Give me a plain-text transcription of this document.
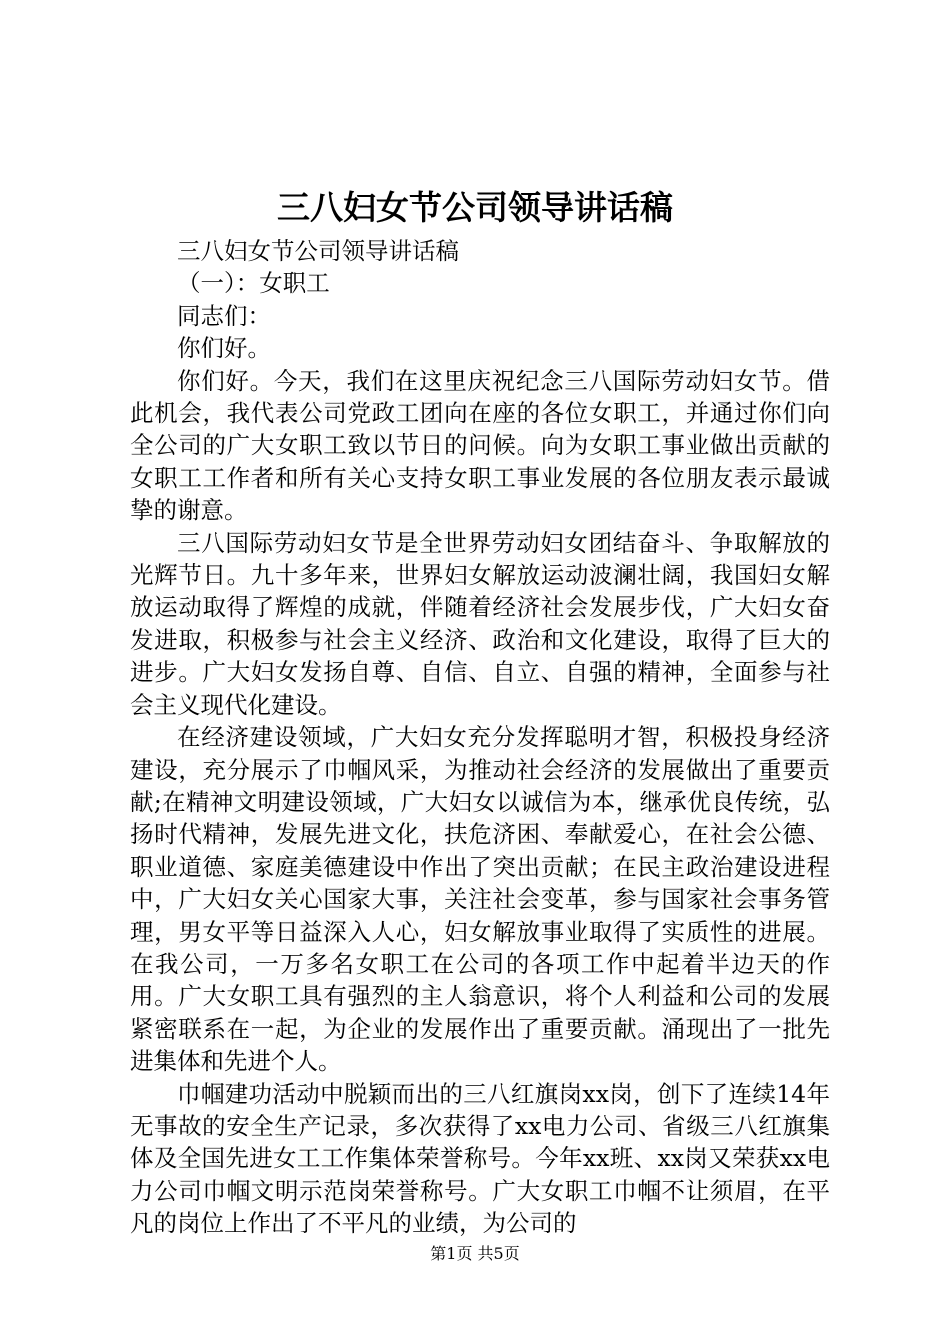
三八妇女节公司领导讲话稿

三八妇女节公司领导讲话稿

（一）：女职工

同志们：

你们好。

你们好。今天，我们在这里庆祝纪念三八国际劳动妇女节。借此机会，我代表公司党政工团向在座的各位女职工，并通过你们向全公司的广大女职工致以节日的问候。向为女职工事业做出贡献的女职工工作者和所有关心支持女职工事业发展的各位朋友表示最诚挚的谢意。

三八国际劳动妇女节是全世界劳动妇女团结奋斗、争取解放的光辉节日。九十多年来，世界妇女解放运动波澜壮阔，我国妇女解放运动取得了辉煌的成就，伴随着经济社会发展步伐，广大妇女奋发进取，积极参与社会主义经济、政治和文化建设，取得了巨大的进步。广大妇女发扬自尊、自信、自立、自强的精神，全面参与社会主义现代化建设。

在经济建设领域，广大妇女充分发挥聪明才智，积极投身经济建设，充分展示了巾帼风采，为推动社会经济的发展做出了重要贡献;在精神文明建设领域，广大妇女以诚信为本，继承优良传统，弘扬时代精神，发展先进文化，扶危济困、奉献爱心，在社会公德、职业道德、家庭美德建设中作出了突出贡献；在民主政治建设进程中，广大妇女关心国家大事，关注社会变革，参与国家社会事务管理，男女平等日益深入人心，妇女解放事业取得了实质性的进展。在我公司，一万多名女职工在公司的各项工作中起着半边天的作用。广大女职工具有强烈的主人翁意识，将个人利益和公司的发展紧密联系在一起，为企业的发展作出了重要贡献。涌现出了一批先进集体和先进个人。

巾帼建功活动中脱颖而出的三八红旗岗xx岗，创下了连续14年无事故的安全生产记录，多次获得了xx电力公司、省级三八红旗集体及全国先进女工工作集体荣誉称号。今年xx班、xx岗又荣获xx电力公司巾帼文明示范岗荣誉称号。广大女职工巾帼不让须眉，在平凡的岗位上作出了不平凡的业绩，为公司的

第1页 共5页
